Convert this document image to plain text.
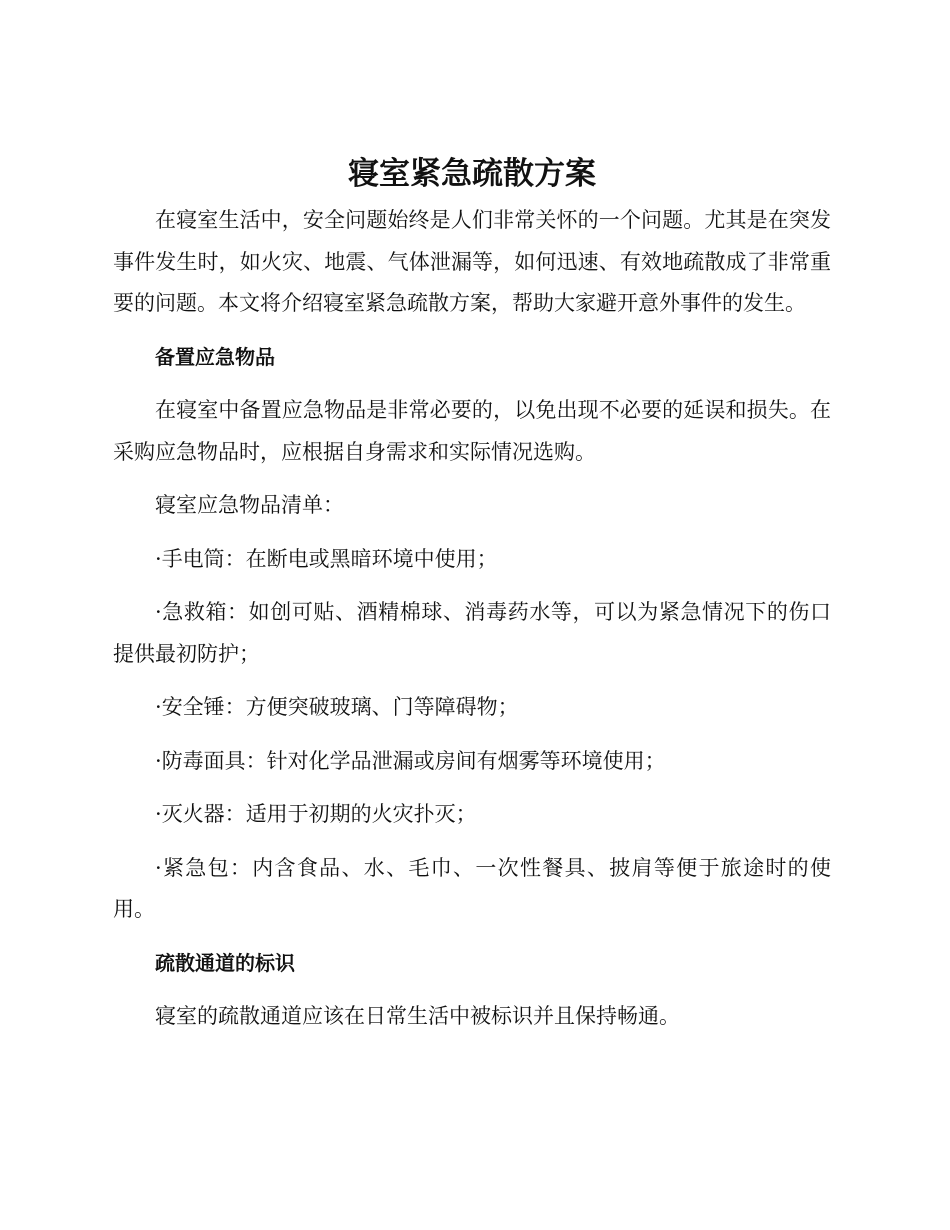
寝室紧急疏散方案

在寝室生活中，安全问题始终是人们非常关怀的一个问题。尤其是在突发事件发生时，如火灾、地震、气体泄漏等，如何迅速、有效地疏散成了非常重要的问题。本文将介绍寝室紧急疏散方案，帮助大家避开意外事件的发生。

备置应急物品

在寝室中备置应急物品是非常必要的，以免出现不必要的延误和损失。在采购应急物品时，应根据自身需求和实际情况选购。

寝室应急物品清单：

·手电筒：在断电或黑暗环境中使用；

·急救箱：如创可贴、酒精棉球、消毒药水等，可以为紧急情况下的伤口提供最初防护；

·安全锤：方便突破玻璃、门等障碍物；

·防毒面具：针对化学品泄漏或房间有烟雾等环境使用；

·灭火器：适用于初期的火灾扑灭；

·紧急包：内含食品、水、毛巾、一次性餐具、披肩等便于旅途时的使用。

疏散通道的标识

寝室的疏散通道应该在日常生活中被标识并且保持畅通。
